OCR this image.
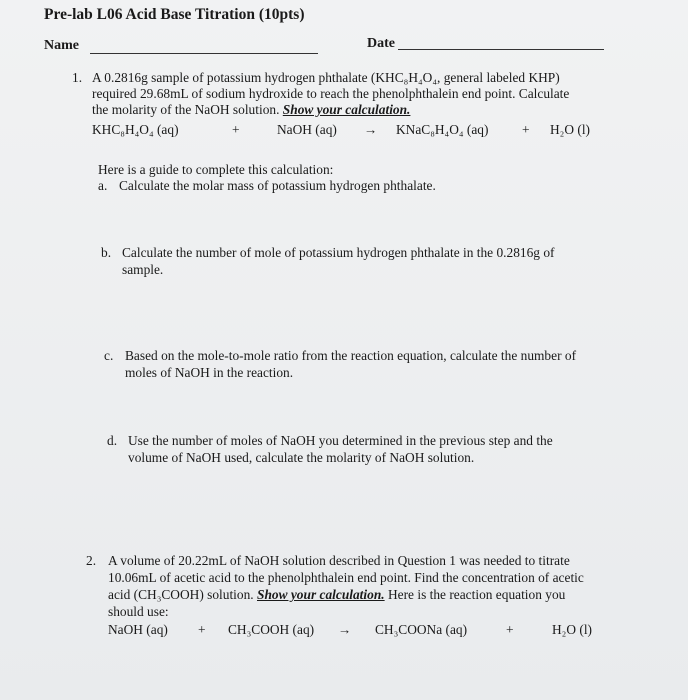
Pre-lab L06 Acid Base Titration (10pts)
Name	Date
1. A 0.2816g sample of potassium hydrogen phthalate (KHC₈H₄O₄, general labeled KHP)
required 29.68mL of sodium hydroxide to reach the phenolphthalein end point. Calculate
the molarity of the NaOH solution. Show your calculation.
KHC₈H₄O₄ (aq)	+	NaOH (aq) → KNaC₈H₄O₄ (aq)	+ H₂O (l)
Here is a guide to complete this calculation:
a. Calculate the molar mass of potassium hydrogen phthalate.
b. Calculate the number of mole of potassium hydrogen phthalate in the 0.2816g of
sample.
c. Based on the mole-to-mole ratio from the reaction equation, calculate the number of
moles of NaOH in the reaction.
d. Use the number of moles of NaOH you determined in the previous step and the
volume of NaOH used, calculate the molarity of NaOH solution.
2. A volume of 20.22mL of NaOH solution described in Question 1 was needed to titrate
10.06mL of acetic acid to the phenolphthalein end point. Find the concentration of acetic
acid (CH₃COOH) solution. Show your calculation. Here is the reaction equation you
should use:
NaOH (aq) + CH₃COOH (aq) → CH₃COONa (aq)	+	H₂O (l)
